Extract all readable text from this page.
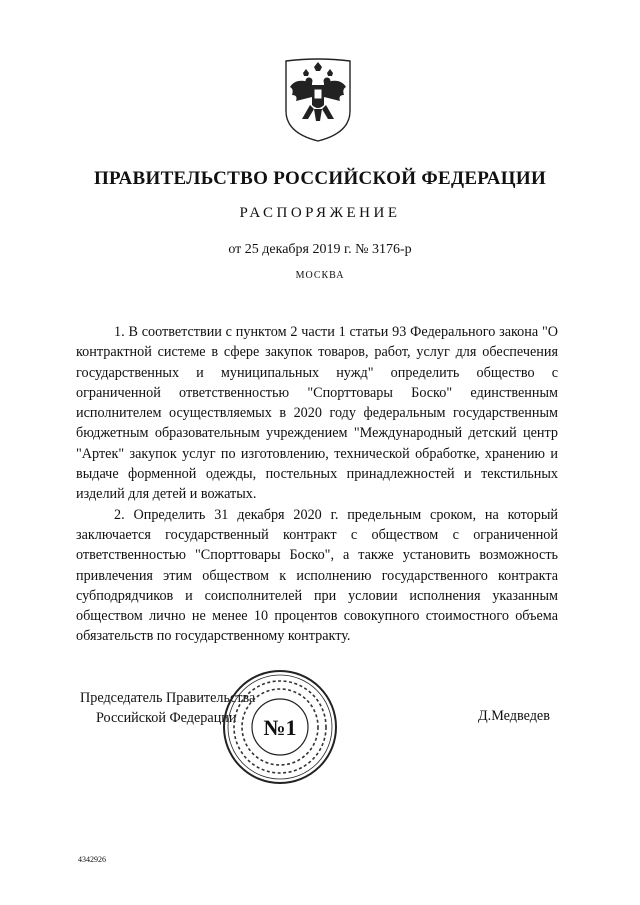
ПРАВИТЕЛЬСТВО РОССИЙСКОЙ ФЕДЕРАЦИИ
РАСПОРЯЖЕНИЕ
от 25 декабря 2019 г. № 3176-р
МОСКВА

1. В соответствии с пунктом 2 части 1 статьи 93 Федерального закона "О контрактной системе в сфере закупок товаров, работ, услуг для обеспечения государственных и муниципальных нужд" определить общество с ограниченной ответственностью "Спорттовары Боско" единственным исполнителем осуществляемых в 2020 году федеральным государственным бюджетным образовательным учреждением "Международный детский центр "Артек" закупок услуг по изготовлению, технической обработке, хранению и выдаче форменной одежды, постельных принадлежностей и текстильных изделий для детей и вожатых.

2. Определить 31 декабря 2020 г. предельным сроком, на который заключается государственный контракт с обществом с ограниченной ответственностью "Спорттовары Боско", а также установить возможность привлечения этим обществом к исполнению государственного контракта субподрядчиков и соисполнителей при условии исполнения указанным обществом лично не менее 10 процентов совокупного стоимостного объема обязательств по государственному контракту.

Председатель Правительства
Российской Федерации	№1	Д.Медведев
4342926
